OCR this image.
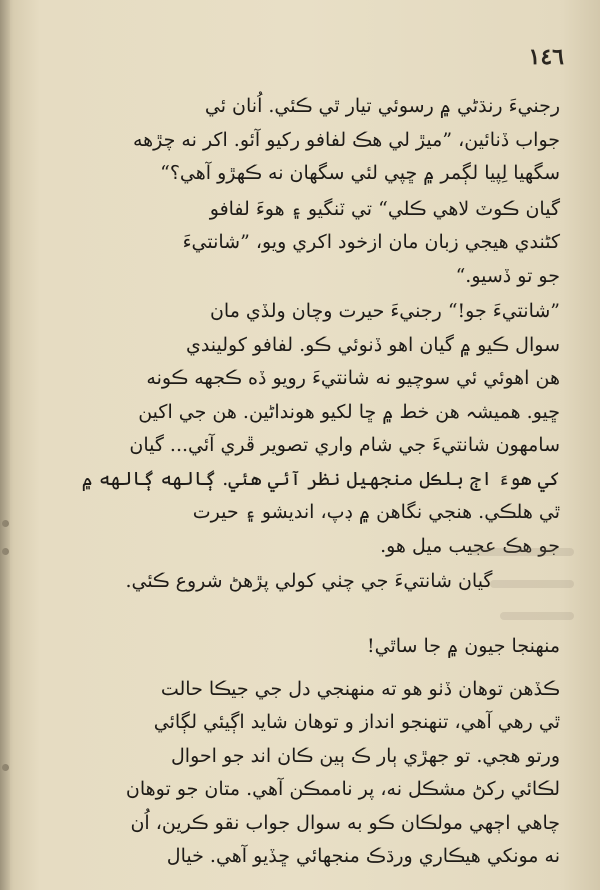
١٤٦

رجنيءَ رنڌڻي ۾ رسوئي تيار ٿي ڪئي. اُنان ئي
جواب ڏنائين، ”ميڙ لي هڪ لفافو رکيو آئو. اکر نه چڙهه
سگهيا لِپيا لڳمر ۾ ڇپي لئي سگهان نه ڪهڙو آهي؟“

گيان ڪوٽ لاهي ڪلي“ تي ٽنگيو ۽ هوءَ لفافو
کڻندي هيجي زبان مان ازخود اکري ويو، ”شانتيءَ
جو تو ڏسيو.“

”شانتيءَ جو!“ رجنيءَ حيرت وچان ولڏي مان
سوال ڪيو ۾ گيان اهو ڏنوئي ڪو. لفافو کوليندي
هن اهوئي ئي سوچيو نه شانتيءَ رويو ڏه ڪجهه ڪونه
ڇيو. هميشہ هن خط ۾ ڇا لکيو هونداڻين. هن جي اکين
سامهون شانتيءَ جي شام واري تصوير ڦري آئي... گيان
کي هوءَ اڄ بلڪل منجهيل نظر آئي هئي. ڳالهه ڳالهه ۾
ٿي هلڪي. هنجي نگاهن ۾ ڊپ، انديشو ۽ حيرت
جو هڪ عجيب ميل هو.

گيان شانتيءَ جي چٺي کولي پڙهڻ شروع ڪئي.

منهنجا جيون ۾ جا ساٿي!

ڪڏهن توهان ڏٺو هو ته منهنجي دل جي جيڪا حالت
ٿي رهي آهي، تنهنجو انداز و توهان شايد اڳيئي لڳائي
ورتو هجي. تو جهڙي ٻار ڪ ٻين ڪان اند جو احوال
لڪائي رکڻ مشڪل نه، پر ناممڪن آهي. متان جو توهان
چاهي اڄهي مولڪان ڪو به سوال جواب نقو ڪرين، اُن
نه مونکي هيڪاري ورڌڪ منجهائي ڇڏيو آهي. خيال
